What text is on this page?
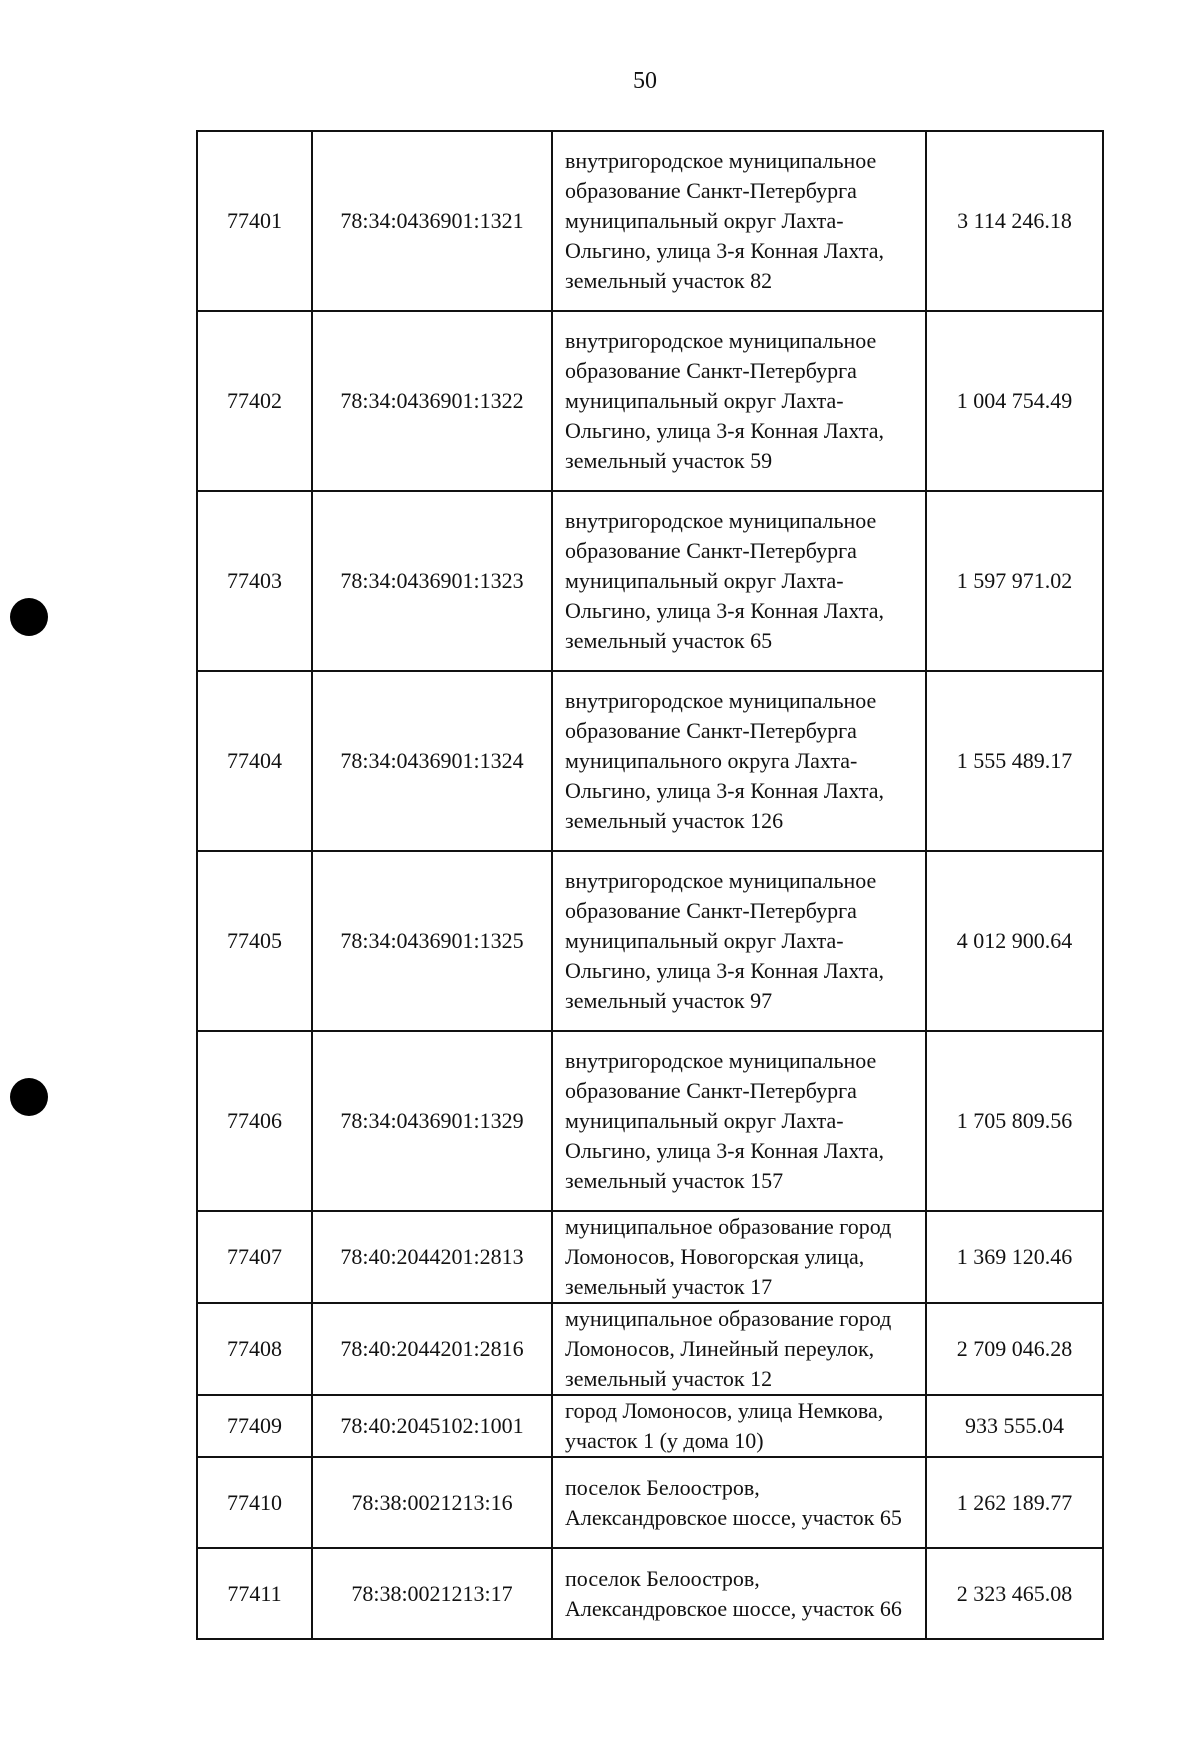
50
77401	78:34:0436901:1321	внутригородское муниципальное образование Санкт-Петербурга муниципальный округ Лахта-Ольгино, улица 3-я Конная Лахта, земельный участок 82	3 114 246.18
77402	78:34:0436901:1322	внутригородское муниципальное образование Санкт-Петербурга муниципальный округ Лахта-Ольгино, улица 3-я Конная Лахта, земельный участок 59	1 004 754.49
77403	78:34:0436901:1323	внутригородское муниципальное образование Санкт-Петербурга муниципальный округ Лахта-Ольгино, улица 3-я Конная Лахта, земельный участок 65	1 597 971.02
77404	78:34:0436901:1324	внутригородское муниципальное образование Санкт-Петербурга муниципального округа Лахта-Ольгино, улица 3-я Конная Лахта, земельный участок 126	1 555 489.17
77405	78:34:0436901:1325	внутригородское муниципальное образование Санкт-Петербурга муниципальный округ Лахта-Ольгино, улица 3-я Конная Лахта, земельный участок 97	4 012 900.64
77406	78:34:0436901:1329	внутригородское муниципальное образование Санкт-Петербурга муниципальный округ Лахта-Ольгино, улица 3-я Конная Лахта, земельный участок 157	1 705 809.56
77407	78:40:2044201:2813	муниципальное образование город Ломоносов, Новогорская улица, земельный участок 17	1 369 120.46
77408	78:40:2044201:2816	муниципальное образование город Ломоносов, Линейный переулок, земельный участок 12	2 709 046.28
77409	78:40:2045102:1001	город Ломоносов, улица Немкова, участок 1 (у дома 10)	933 555.04
77410	78:38:0021213:16	поселок Белоостров, Александровское шоссе, участок 65	1 262 189.77
77411	78:38:0021213:17	поселок Белоостров, Александровское шоссе, участок 66	2 323 465.08
